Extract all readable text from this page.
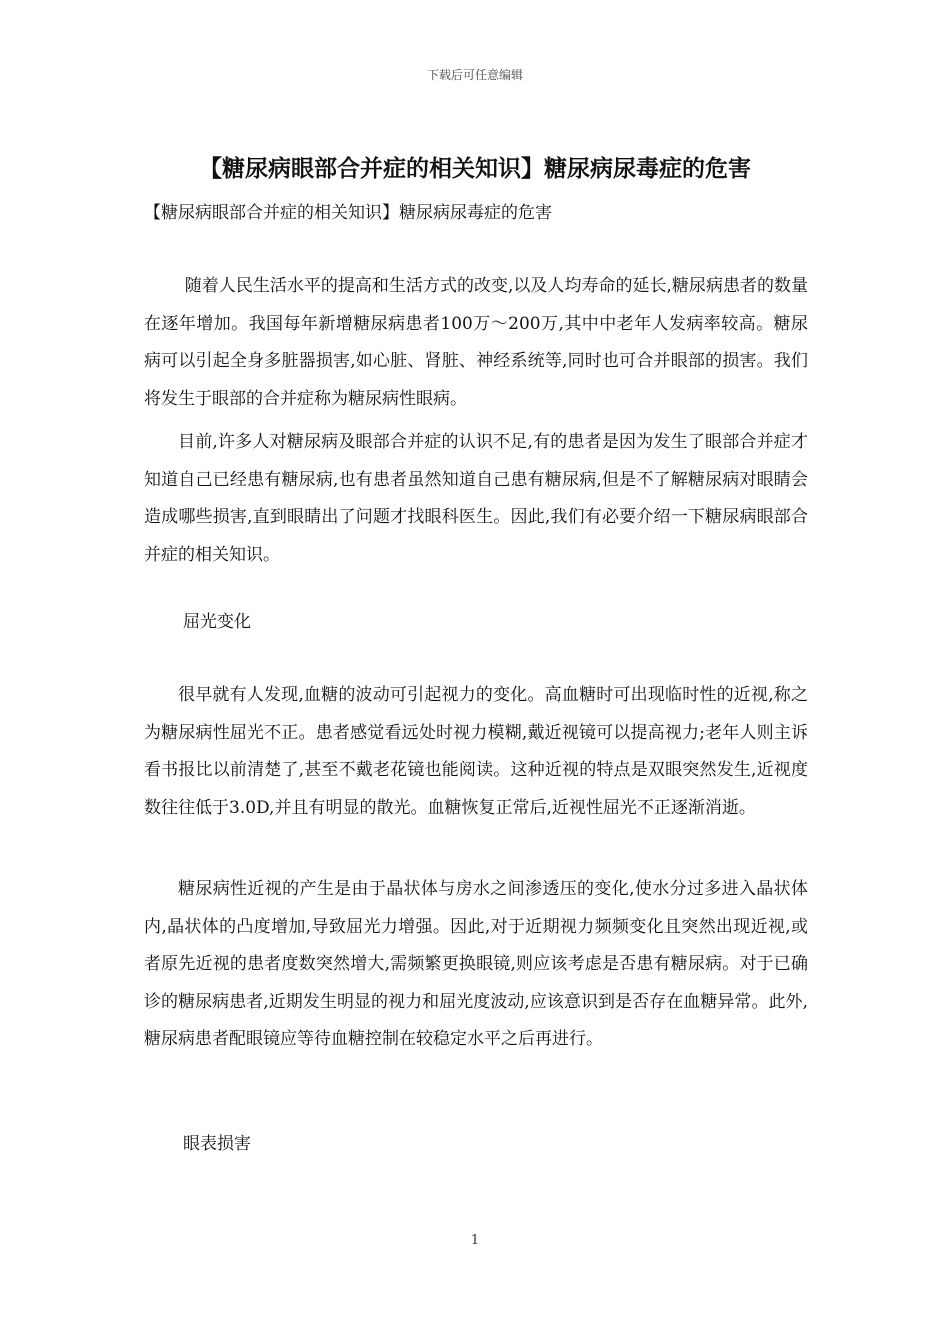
下载后可任意编辑
【糖尿病眼部合并症的相关知识】糖尿病尿毒症的危害
【糖尿病眼部合并症的相关知识】糖尿病尿毒症的危害

随着人民生活水平的提高和生活方式的改变,以及人均寿命的延长,糖尿病患者的数量在逐年增加。我国每年新增糖尿病患者100万～200万,其中中老年人发病率较高。糖尿病可以引起全身多脏器损害,如心脏、肾脏、神经系统等,同时也可合并眼部的损害。我们将发生于眼部的合并症称为糖尿病性眼病。

目前,许多人对糖尿病及眼部合并症的认识不足,有的患者是因为发生了眼部合并症才知道自己已经患有糖尿病,也有患者虽然知道自己患有糖尿病,但是不了解糖尿病对眼睛会造成哪些损害,直到眼睛出了问题才找眼科医生。因此,我们有必要介绍一下糖尿病眼部合并症的相关知识。

屈光变化

很早就有人发现,血糖的波动可引起视力的变化。高血糖时可出现临时性的近视,称之为糖尿病性屈光不正。患者感觉看远处时视力模糊,戴近视镜可以提高视力;老年人则主诉看书报比以前清楚了,甚至不戴老花镜也能阅读。这种近视的特点是双眼突然发生,近视度数往往低于3.0D,并且有明显的散光。血糖恢复正常后,近视性屈光不正逐渐消逝。

糖尿病性近视的产生是由于晶状体与房水之间渗透压的变化,使水分过多进入晶状体内,晶状体的凸度增加,导致屈光力增强。因此,对于近期视力频频变化且突然出现近视,或者原先近视的患者度数突然增大,需频繁更换眼镜,则应该考虑是否患有糖尿病。对于已确诊的糖尿病患者,近期发生明显的视力和屈光度波动,应该意识到是否存在血糖异常。此外,糖尿病患者配眼镜应等待血糖控制在较稳定水平之后再进行。

眼表损害
1
